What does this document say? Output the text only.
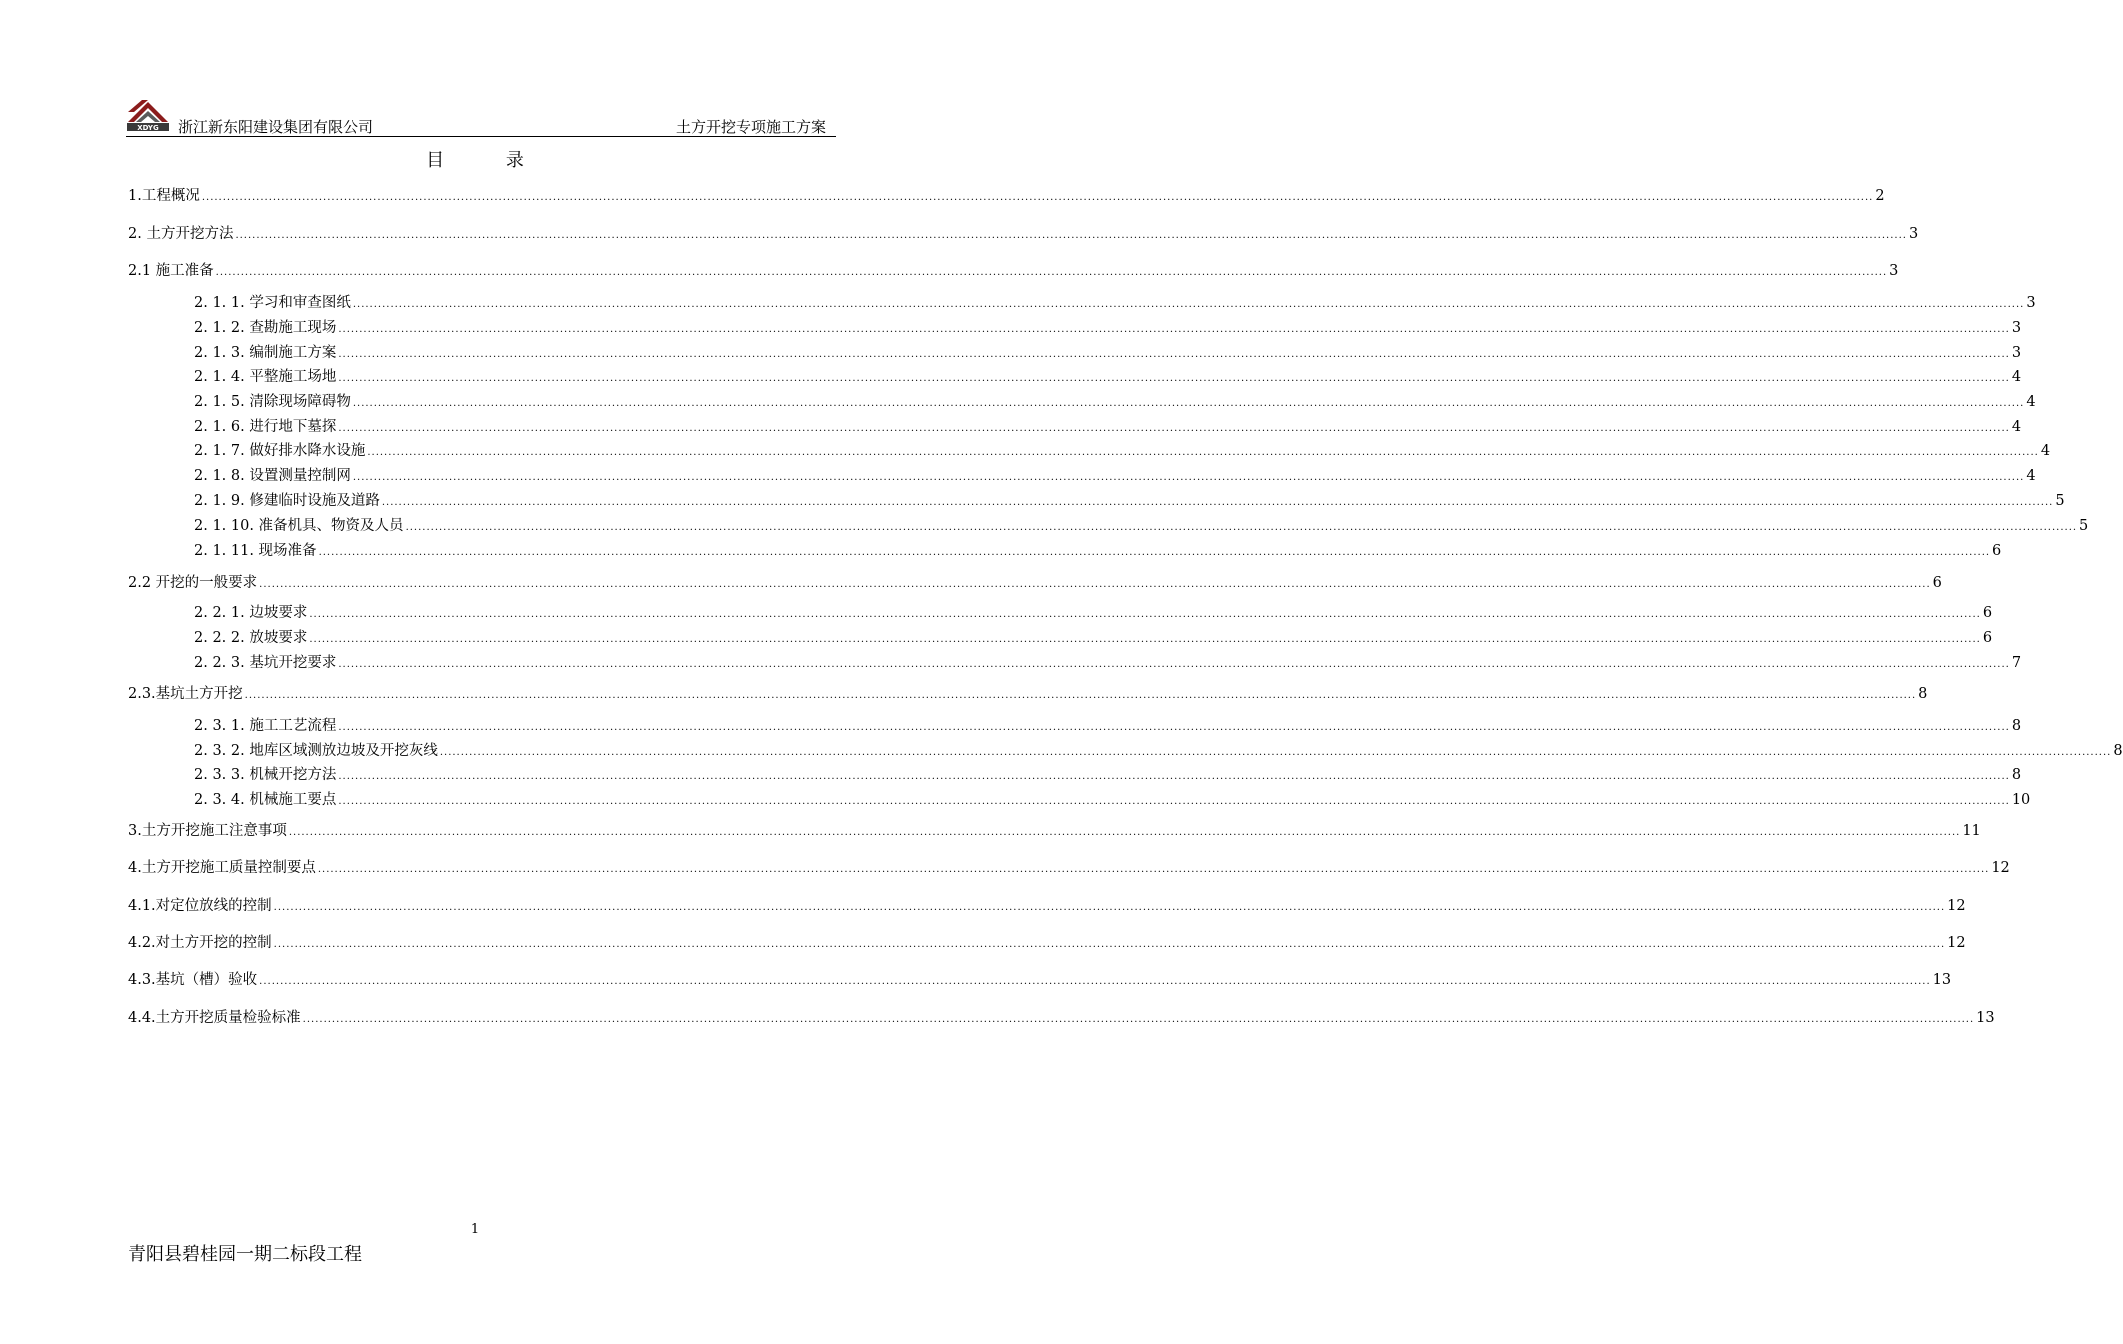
XDYG 浙江新东阳建设集团有限公司	土方开挖专项施工方案
目 录
1.工程概况 ................................................................................................................................................................................................................................................................................................................................................................................................................ 2
2. 土方开挖方法 ................................................................................................................................................................................................................................................................................................................................................................................................................ 3
2.1 施工准备 ................................................................................................................................................................................................................................................................................................................................................................................................................ 3
2. 1. 1. 学习和审查图纸 ................................................................................................................................................................................................................................................................................................................................................................................................................ 3
2. 1. 2. 查勘施工现场 ................................................................................................................................................................................................................................................................................................................................................................................................................ 3
2. 1. 3. 编制施工方案 ................................................................................................................................................................................................................................................................................................................................................................................................................ 3
2. 1. 4. 平整施工场地 ................................................................................................................................................................................................................................................................................................................................................................................................................ 4
2. 1. 5. 清除现场障碍物 ................................................................................................................................................................................................................................................................................................................................................................................................................ 4
2. 1. 6. 进行地下墓探 ................................................................................................................................................................................................................................................................................................................................................................................................................ 4
2. 1. 7. 做好排水降水设施 ................................................................................................................................................................................................................................................................................................................................................................................................................ 4
2. 1. 8. 设置测量控制网 ................................................................................................................................................................................................................................................................................................................................................................................................................ 4
2. 1. 9. 修建临时设施及道路 ................................................................................................................................................................................................................................................................................................................................................................................................................ 5
2. 1. 10. 准备机具、物资及人员 ................................................................................................................................................................................................................................................................................................................................................................................................................ 5
2. 1. 11. 现场准备 ................................................................................................................................................................................................................................................................................................................................................................................................................ 6
2.2 开挖的一般要求 ................................................................................................................................................................................................................................................................................................................................................................................................................ 6
2. 2. 1. 边坡要求 ................................................................................................................................................................................................................................................................................................................................................................................................................ 6
2. 2. 2. 放坡要求 ................................................................................................................................................................................................................................................................................................................................................................................................................ 6
2. 2. 3. 基坑开挖要求 ................................................................................................................................................................................................................................................................................................................................................................................................................ 7
2.3.基坑土方开挖 ................................................................................................................................................................................................................................................................................................................................................................................................................ 8
2. 3. 1. 施工工艺流程 ................................................................................................................................................................................................................................................................................................................................................................................................................ 8
2. 3. 2. 地库区域测放边坡及开挖灰线 ................................................................................................................................................................................................................................................................................................................................................................................................................ 8
2. 3. 3. 机械开挖方法 ................................................................................................................................................................................................................................................................................................................................................................................................................ 8
2. 3. 4. 机械施工要点 ................................................................................................................................................................................................................................................................................................................................................................................................................ 10
3.土方开挖施工注意事项 ................................................................................................................................................................................................................................................................................................................................................................................................................ 11
4.土方开挖施工质量控制要点 ................................................................................................................................................................................................................................................................................................................................................................................................................ 12
4.1.对定位放线的控制 ................................................................................................................................................................................................................................................................................................................................................................................................................ 12
4.2.对土方开挖的控制 ................................................................................................................................................................................................................................................................................................................................................................................................................ 12
4.3.基坑（槽）验收 ................................................................................................................................................................................................................................................................................................................................................................................................................ 13
4.4.土方开挖质量检验标准 ................................................................................................................................................................................................................................................................................................................................................................................................................ 13
1
青阳县碧桂园一期二标段工程
